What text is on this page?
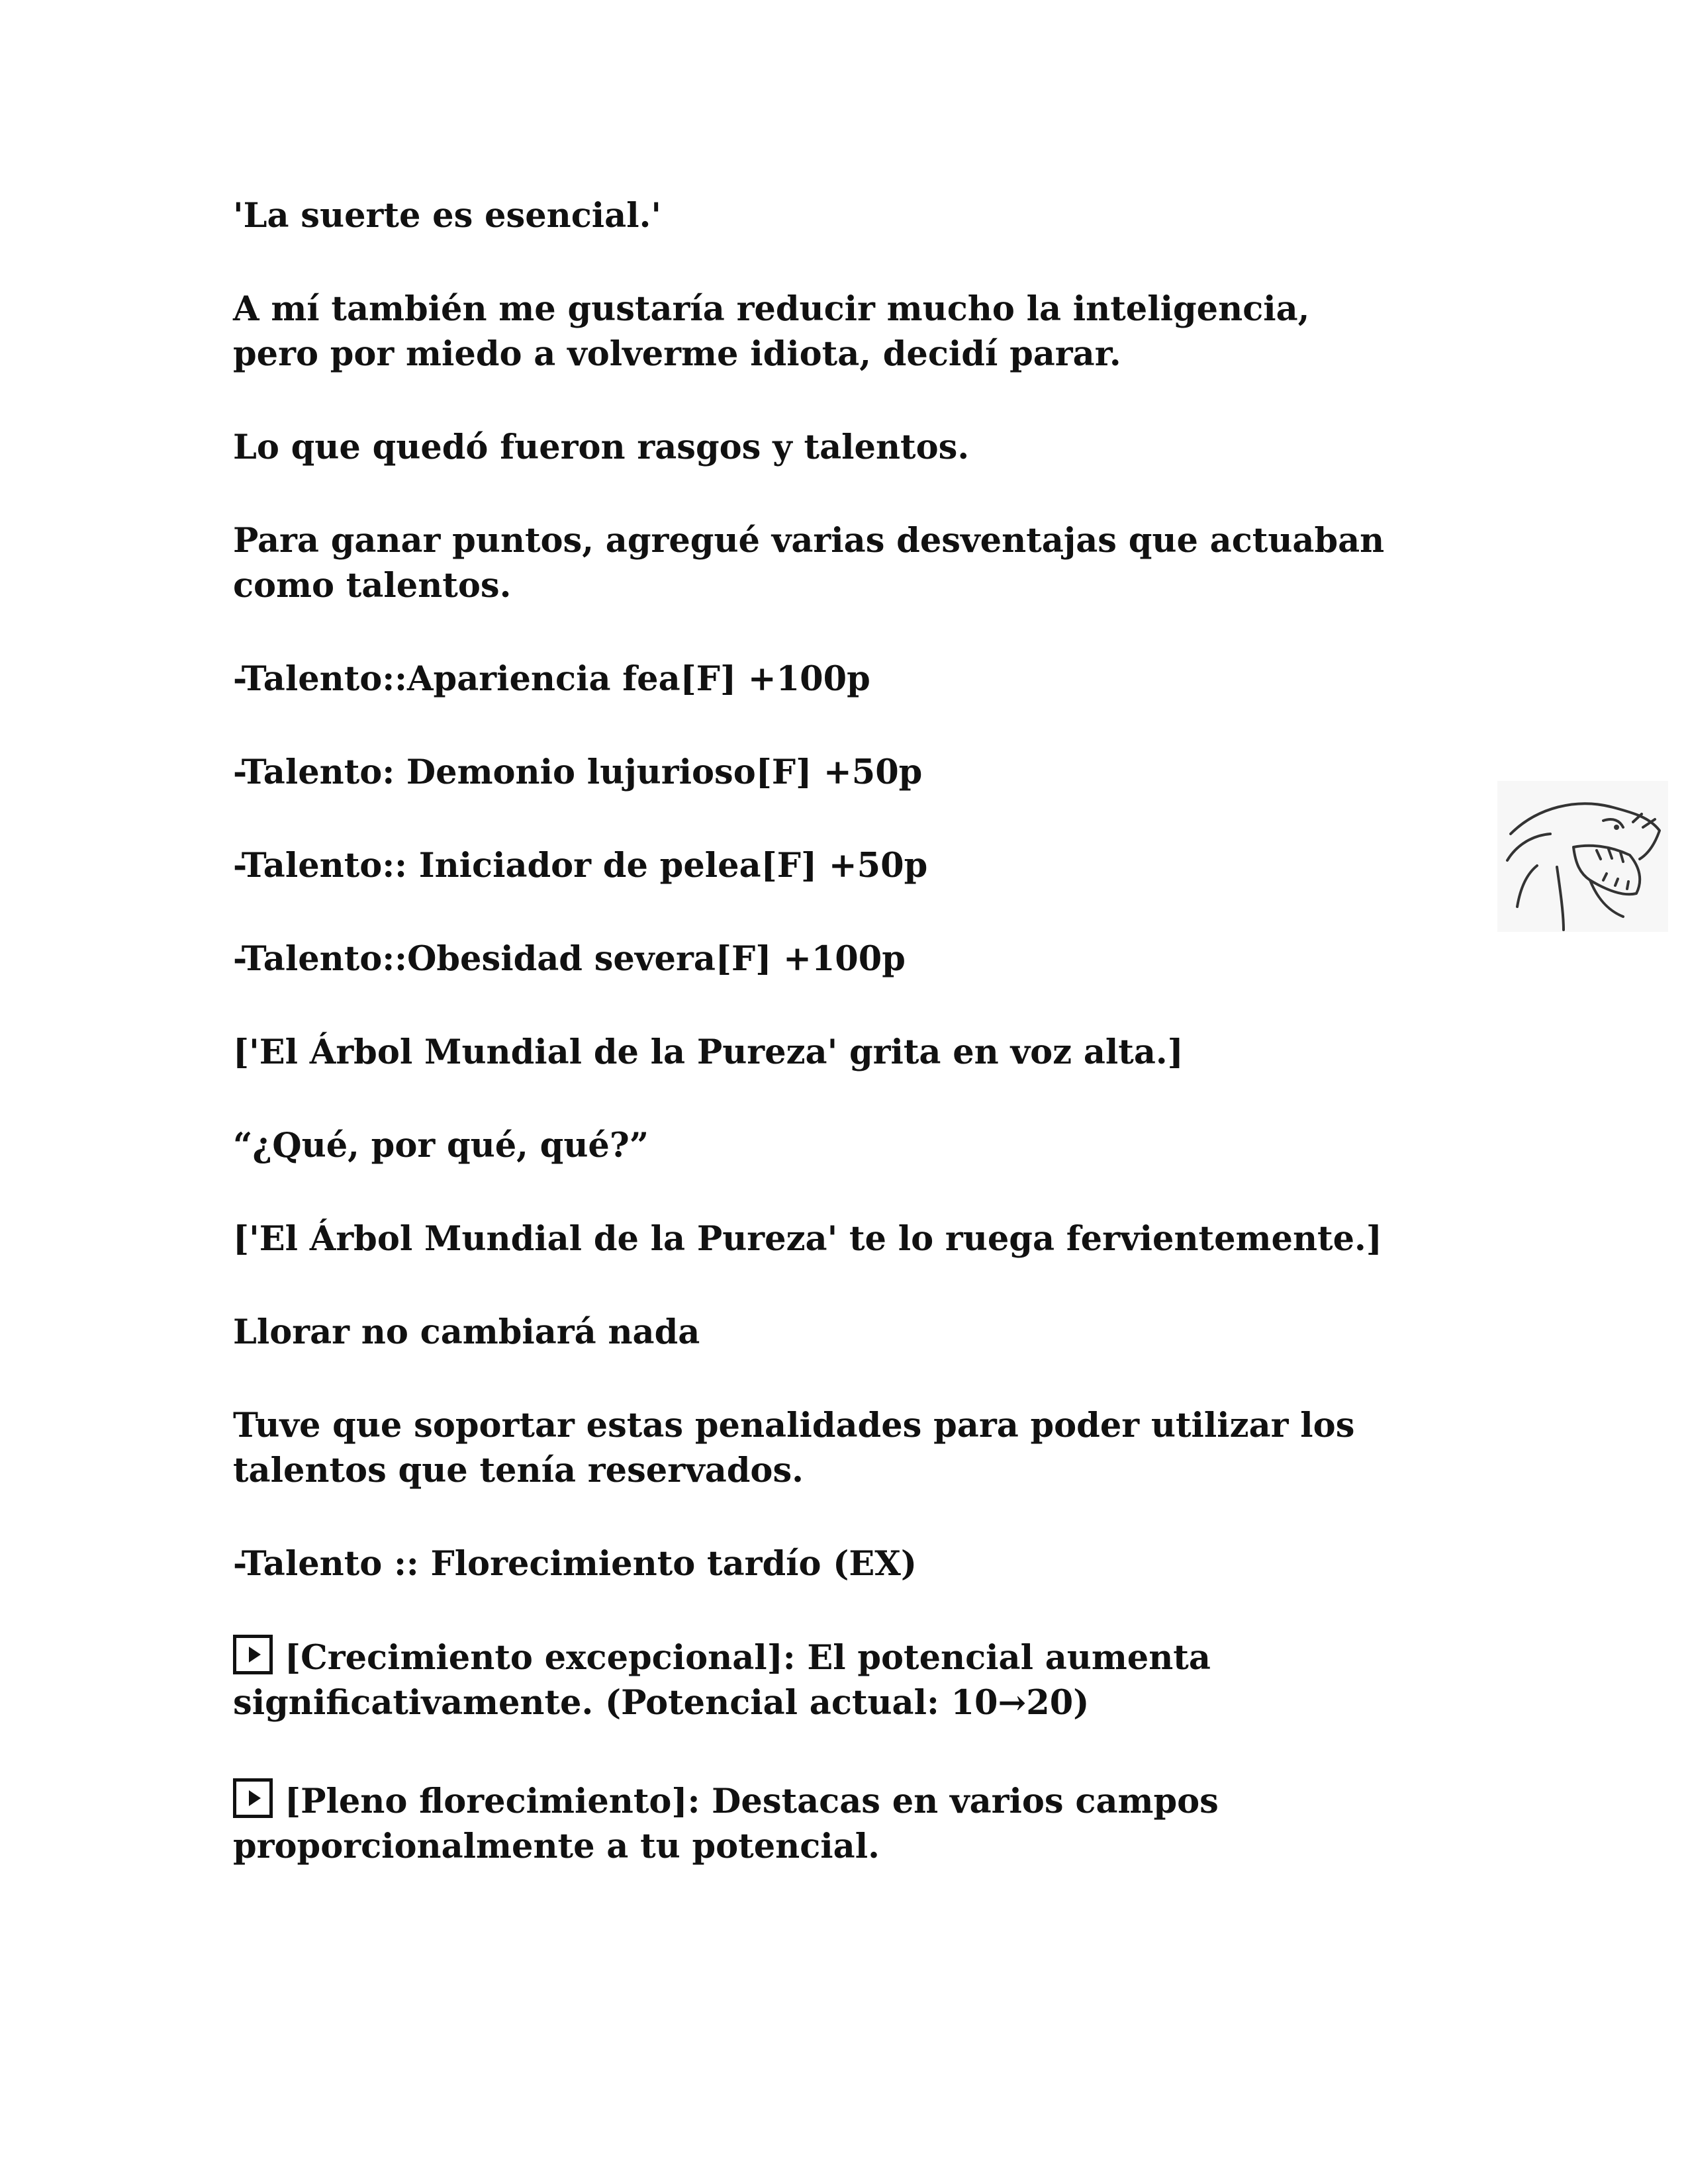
'La suerte es esencial.'

A mí también me gustaría reducir mucho la inteligencia,
pero por miedo a volverme idiota, decidí parar.

Lo que quedó fueron rasgos y talentos.

Para ganar puntos, agregué varias desventajas que actuaban
como talentos.

-Talento::Apariencia fea[F] +100p

-Talento: Demonio lujurioso[F] +50p

-Talento:: Iniciador de pelea[F] +50p

-Talento::Obesidad severa[F] +100p

['El Árbol Mundial de la Pureza' grita en voz alta.]

“¿Qué, por qué, qué?”

['El Árbol Mundial de la Pureza' te lo ruega fervientemente.]

Llorar no cambiará nada

Tuve que soportar estas penalidades para poder utilizar los
talentos que tenía reservados.

-Talento :: Florecimiento tardío (EX)

[Crecimiento excepcional]: El potencial aumenta
significativamente. (Potencial actual: 10→20)

[Pleno florecimiento]: Destacas en varios campos
proporcionalmente a tu potencial.
